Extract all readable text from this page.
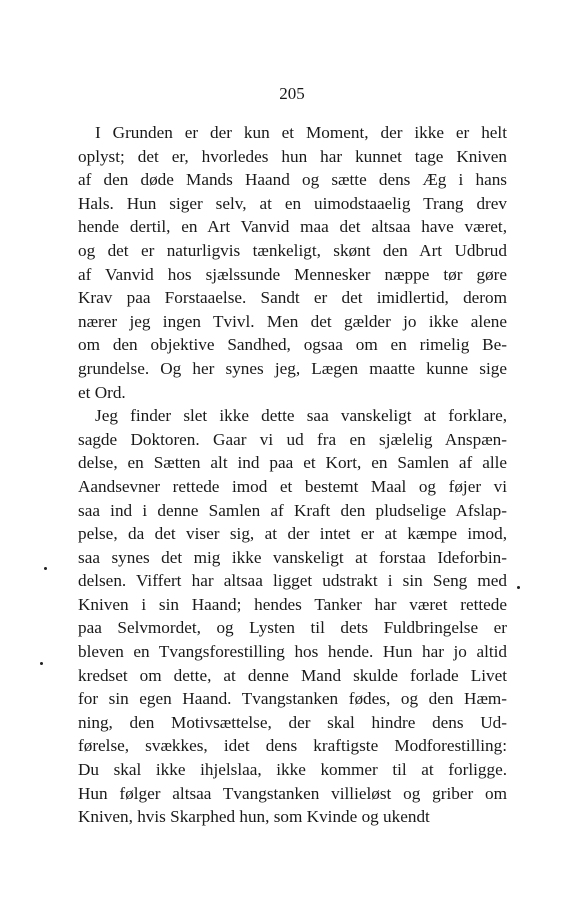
205
I Grunden er der kun et Moment, der ikke er helt
oplyst; det er, hvorledes hun har kunnet tage Kniven
af den døde Mands Haand og sætte dens Æg i hans
Hals. Hun siger selv, at en uimodstaaelig Trang drev
hende dertil, en Art Vanvid maa det altsaa have været,
og det er naturligvis tænkeligt, skønt den Art Udbrud
af Vanvid hos sjælssunde Mennesker næppe tør gøre
Krav paa Forstaaelse. Sandt er det imidlertid, derom
nærer jeg ingen Tvivl. Men det gælder jo ikke alene
om den objektive Sandhed, ogsaa om en rimelig Be-
grundelse. Og her synes jeg, Lægen maatte kunne sige
et Ord.
Jeg finder slet ikke dette saa vanskeligt at forklare,
sagde Doktoren. Gaar vi ud fra en sjælelig Anspæn-
delse, en Sætten alt ind paa et Kort, en Samlen af alle
Aandsevner rettede imod et bestemt Maal og føjer vi
saa ind i denne Samlen af Kraft den pludselige Afslap-
pelse, da det viser sig, at der intet er at kæmpe imod,
saa synes det mig ikke vanskeligt at forstaa Ideforbin-
delsen. Viffert har altsaa ligget udstrakt i sin Seng med
Kniven i sin Haand; hendes Tanker har været rettede
paa Selvmordet, og Lysten til dets Fuldbringelse er
bleven en Tvangsforestilling hos hende. Hun har jo altid
kredset om dette, at denne Mand skulde forlade Livet
for sin egen Haand. Tvangstanken fødes, og den Hæm-
ning, den Motivsættelse, der skal hindre dens Ud-
førelse, svækkes, idet dens kraftigste Modforestilling:
Du skal ikke ihjelslaa, ikke kommer til at forligge.
Hun følger altsaa Tvangstanken villieløst og griber om
Kniven, hvis Skarphed hun, som Kvinde og ukendt
